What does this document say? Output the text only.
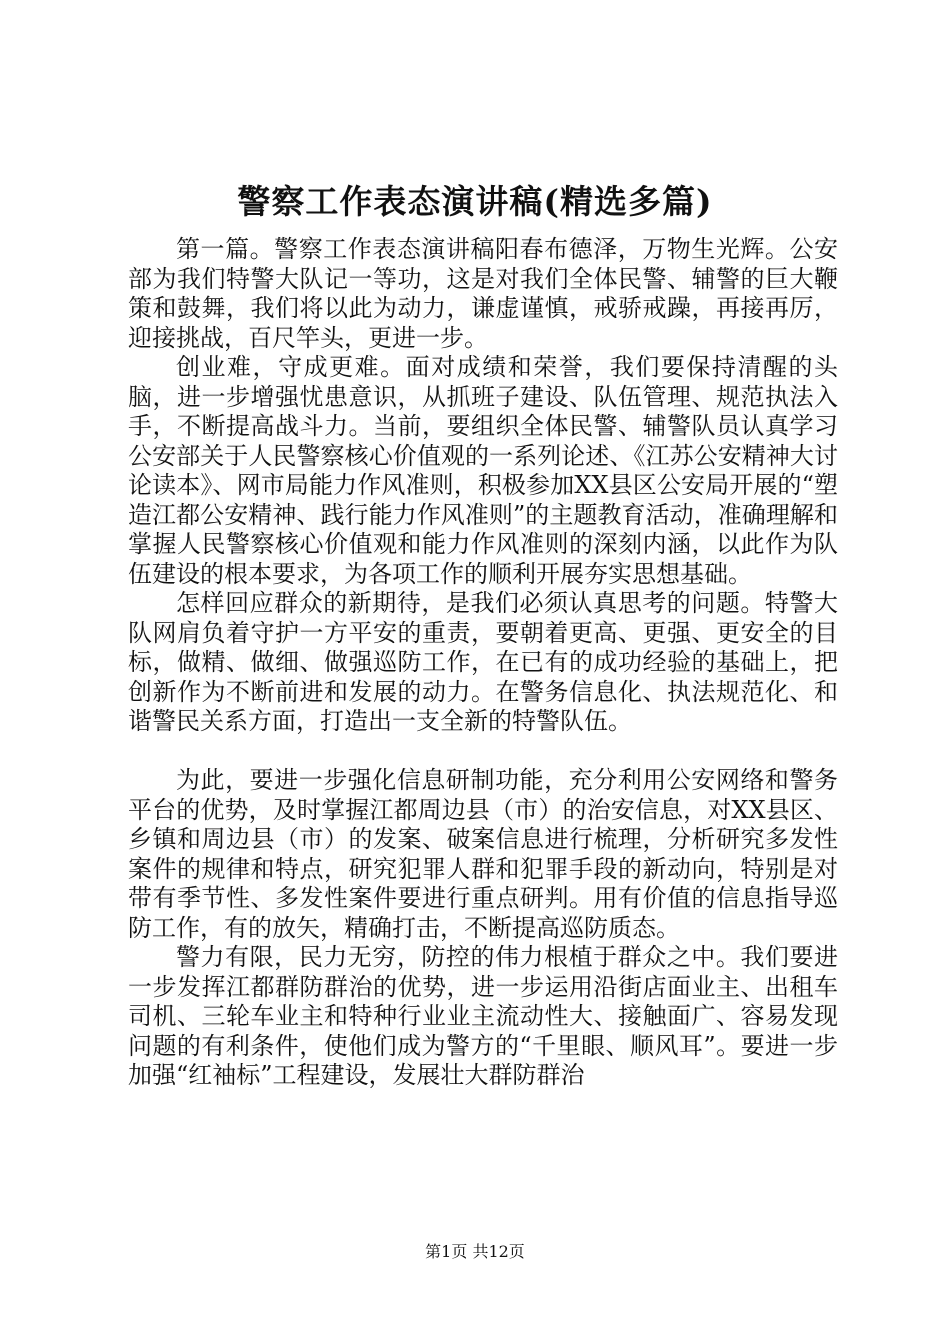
警察工作表态演讲稿(精选多篇)

第一篇。警察工作表态演讲稿阳春布德泽，万物生光辉。公安部为我们特警大队记一等功，这是对我们全体民警、辅警的巨大鞭策和鼓舞，我们将以此为动力，谦虚谨慎，戒骄戒躁，再接再厉，迎接挑战，百尺竿头，更进一步。

创业难，守成更难。面对成绩和荣誉，我们要保持清醒的头脑，进一步增强忧患意识，从抓班子建设、队伍管理、规范执法入手，不断提高战斗力。当前，要组织全体民警、辅警队员认真学习公安部关于人民警察核心价值观的一系列论述、《江苏公安精神大讨论读本》、网市局能力作风准则，积极参加XX县区公安局开展的“塑造江都公安精神、践行能力作风准则”的主题教育活动，准确理解和掌握人民警察核心价值观和能力作风准则的深刻内涵，以此作为队伍建设的根本要求，为各项工作的顺利开展夯实思想基础。

怎样回应群众的新期待，是我们必须认真思考的问题。特警大队网肩负着守护一方平安的重责，要朝着更高、更强、更安全的目标，做精、做细、做强巡防工作，在已有的成功经验的基础上，把创新作为不断前进和发展的动力。在警务信息化、执法规范化、和谐警民关系方面，打造出一支全新的特警队伍。

为此，要进一步强化信息研制功能，充分利用公安网络和警务平台的优势，及时掌握江都周边县（市）的治安信息，对XX县区、乡镇和周边县（市）的发案、破案信息进行梳理，分析研究多发性案件的规律和特点，研究犯罪人群和犯罪手段的新动向，特别是对带有季节性、多发性案件要进行重点研判。用有价值的信息指导巡防工作，有的放矢，精确打击，不断提高巡防质态。

警力有限，民力无穷，防控的伟力根植于群众之中。我们要进一步发挥江都群防群治的优势，进一步运用沿街店面业主、出租车司机、三轮车业主和特种行业业主流动性大、接触面广、容易发现问题的有利条件，使他们成为警方的“千里眼、顺风耳”。要进一步加强“红袖标”工程建设，发展壮大群防群治

第1页 共12页
